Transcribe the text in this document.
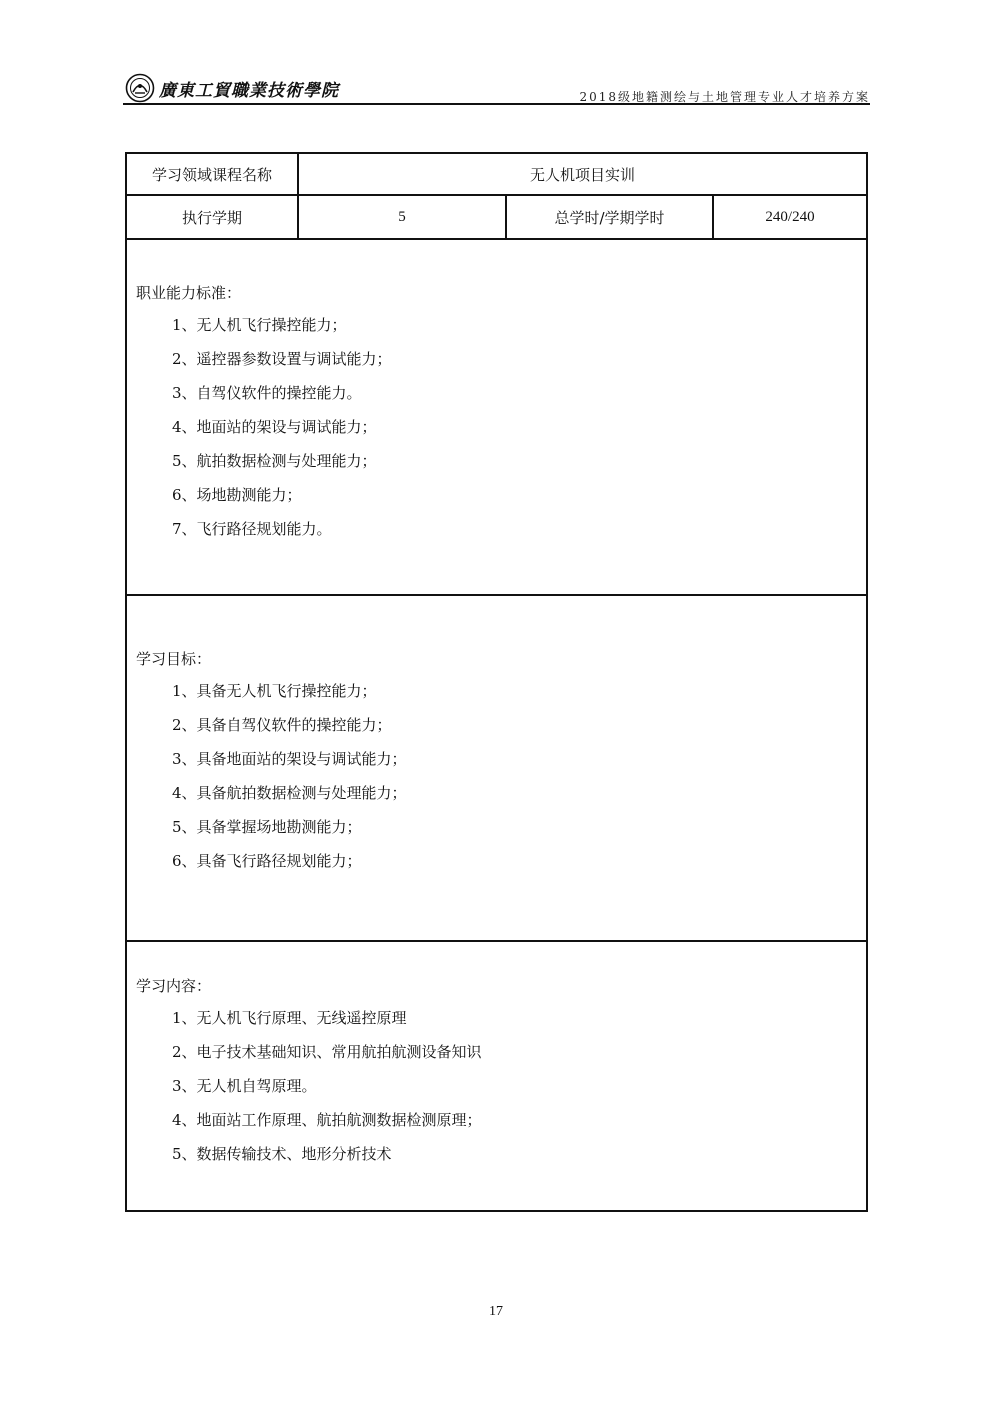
廣東工貿職業技術學院	2018级地籍测绘与土地管理专业人才培养方案
学习领域课程名称	无人机项目实训
执行学期	5	总学时/学期学时	240/240
职业能力标准：
1、无人机飞行操控能力；
2、遥控器参数设置与调试能力；
3、自驾仪软件的操控能力。
4、地面站的架设与调试能力；
5、航拍数据检测与处理能力；
6、场地勘测能力；
7、飞行路径规划能力。
学习目标：
1、具备无人机飞行操控能力；
2、具备自驾仪软件的操控能力；
3、具备地面站的架设与调试能力；
4、具备航拍数据检测与处理能力；
5、具备掌握场地勘测能力；
6、具备飞行路径规划能力；
学习内容：
1、无人机飞行原理、无线遥控原理
2、电子技术基础知识、常用航拍航测设备知识
3、无人机自驾原理。
4、地面站工作原理、航拍航测数据检测原理；
5、数据传输技术、地形分析技术
17
